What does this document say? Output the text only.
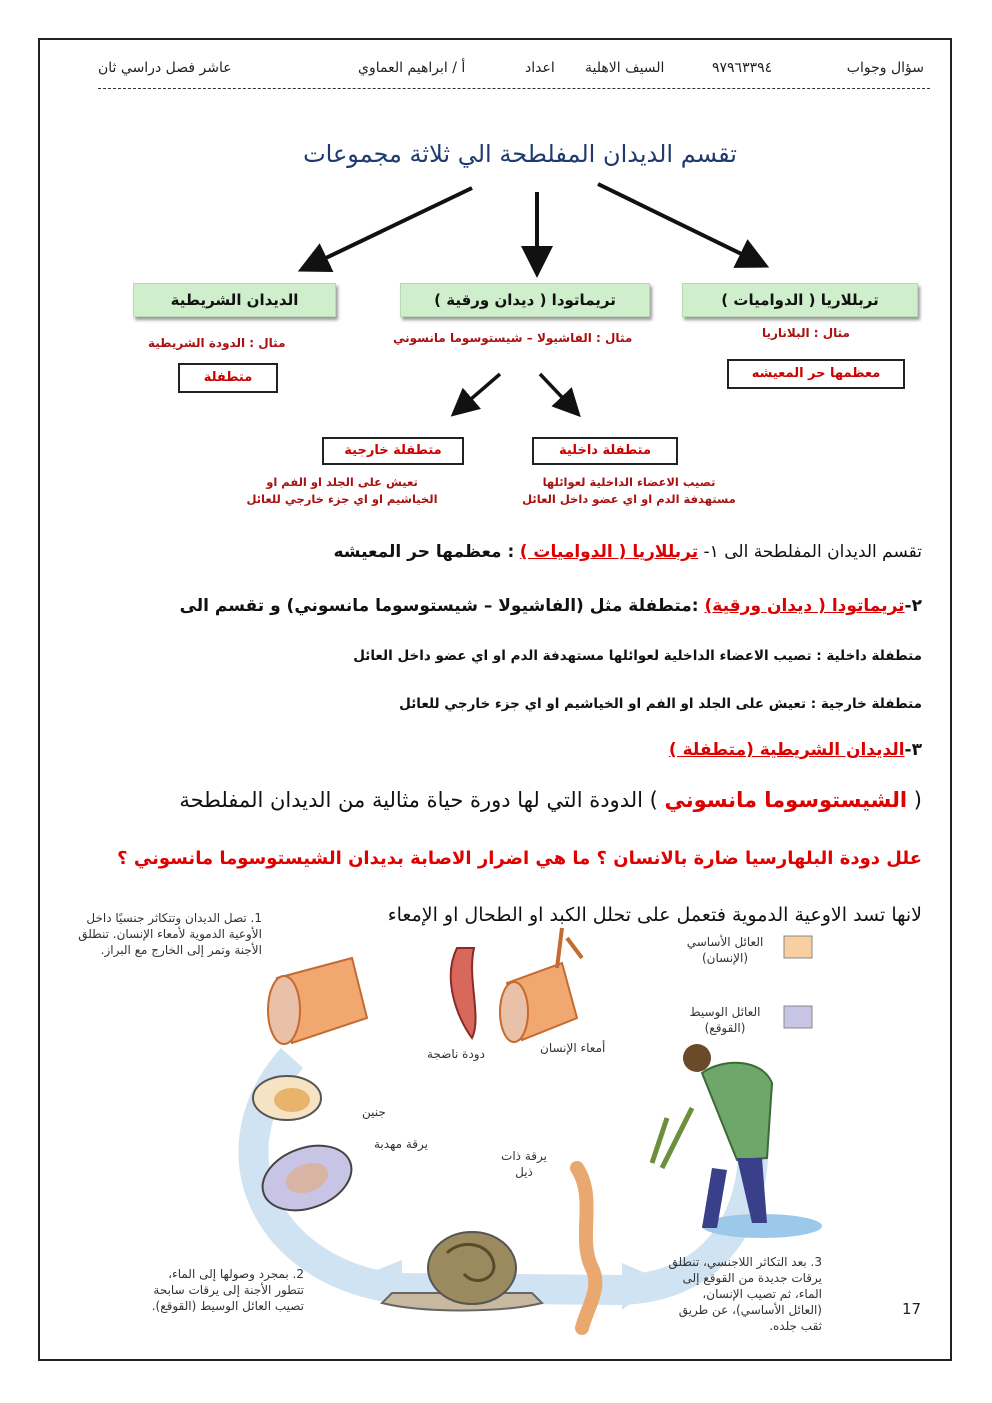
سؤال وجواب
٩٧٩٦٣٣٩٤
السيف الاهلية
اعداد
أ / ابراهيم العماوي
عاشر فصل دراسي ثان
تقسم الديدان المفلطحة الي ثلاثة مجموعات
تربللاريا ( الدواميات )
تريماتودا ( ديدان ورقية )
الديدان الشريطية
مثال : البلاناريا
مثال : الفاشيولا – شيستوسوما مانسوني
مثال : الدودة الشريطية
معظمها حر المعيشه
متطفلة
متطفلة داخلية
متطفلة خارجية
تصيب الاعضاء الداخلية لعوائلها
مستهدفة الدم او اي عضو داخل العائل
تعيش على الجلد او الفم او
الخياشيم او اي جزء خارجي للعائل
تقسم الديدان المفلطحة الى ١- تربللاريا ( الدواميات ) : معظمها حر المعيشه
٢-تريماتودا ( ديدان ورقية) :متطفلة مثل (الفاشيولا – شيستوسوما مانسوني) و تقسم الى
متطفلة داخلية : تصيب الاعضاء الداخلية لعوائلها مستهدفة الدم او اي عضو داخل العائل
متطفلة خارجية : تعيش على الجلد او الفم او الخياشيم او اي جزء خارجي للعائل
٣-الديدان الشريطية (متطفلة )
( الشيستوسوما مانسوني ) الدودة التي لها دورة حياة مثالية من الديدان المفلطحة
علل دودة البلهارسيا ضارة بالانسان ؟ ما هي اضرار الاصابة بديدان الشيستوسوما مانسوني ؟
لانها تسد الاوعية الدموية فتعمل على تحلل الكبد او الطحال او الإمعاء
1. تصل الديدان وتتكاثر جنسيًا داخل
الأوعية الدموية لأمعاء الإنسان. تنطلق
الأجنة وتمر إلى الخارج مع البراز.
العائل الأساسي
(الإنسان)
العائل الوسيط
(القوقع)
دودة ناضجة	أمعاء الإنسان
جنين
يرقة مهدبة
يرقة ذات
ذيل
2. بمجرد وصولها إلى الماء،
تتطور الأجنة إلى يرقات سابحة
تصيب العائل الوسيط (القوقع).
3. بعد التكاثر اللاجنسي، تنطلق
يرقات جديدة من القوقع إلى
الماء، ثم تصيب الإنسان،
(العائل الأساسي)، عن طريق
ثقب جلده.
17
